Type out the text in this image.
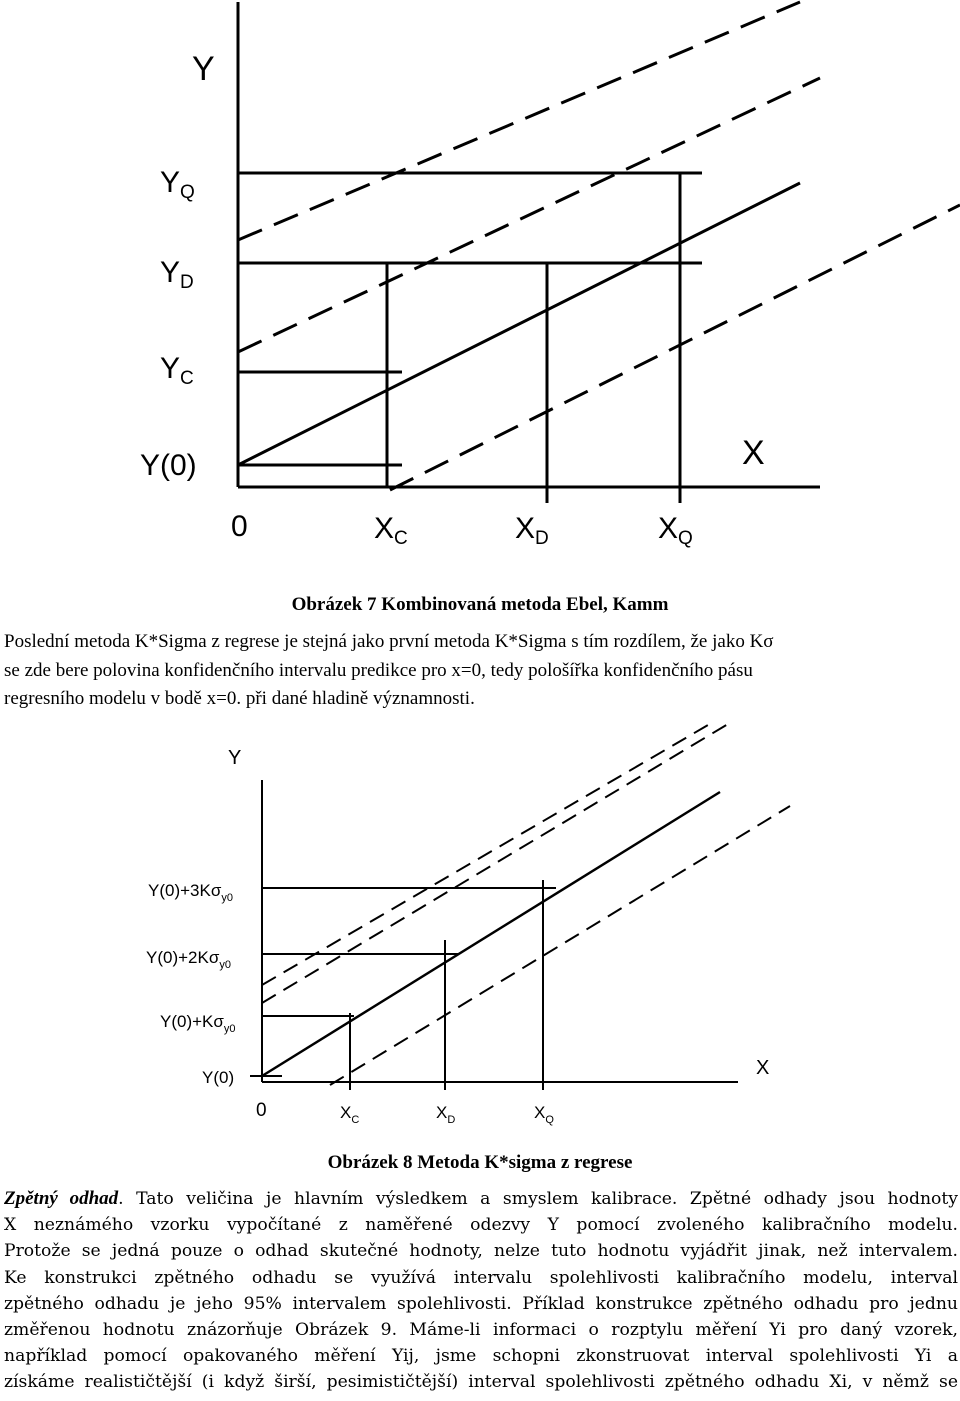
Y
X
0
$Y_Q$
$Y_D$
$Y_C$
Y(0)
$X_C$	$X_D$	$X_Q$
Obrázek 7 Kombinovaná metoda Ebel, Kamm
Poslední metoda K*Sigma z regrese je stejná jako první metoda K*Sigma s tím rozdílem, že jako Kσ
se zde bere polovina konfidenčního intervalu predikce pro x=0, tedy pološířka konfidenčního pásu
regresního modelu v bodě x=0. při dané hladině významnosti.
Y
X
0
$Y(0)+3K\sigma_{y0}$
$Y(0)+2K\sigma_{y0}$
$Y(0)+K\sigma_{y0}$
Y(0)
$X_C$	$X_D$	$X_Q$
Obrázek 8 Metoda K*sigma z regrese
Zpětný odhad. Tato veličina je hlavním výsledkem a smyslem kalibrace. Zpětné odhady jsou hodnoty
X neznámého vzorku vypočítané z naměřené odezvy Y pomocí zvoleného kalibračního modelu.
Protože se jedná pouze o odhad skutečné hodnoty, nelze tuto hodnotu vyjádřit jinak, než intervalem.
Ke konstrukci zpětného odhadu se využívá intervalu spolehlivosti kalibračního modelu, interval
zpětného odhadu je jeho 95% intervalem spolehlivosti. Příklad konstrukce zpětného odhadu pro jednu
změřenou hodnotu znázorňuje Obrázek 9. Máme-li informaci o rozptylu měření Yi pro daný vzorek,
například pomocí opakovaného měření Yij, jsme schopni zkonstruovat interval spolehlivosti Yi a
získáme realističtější (i když širší, pesimističtější) interval spolehlivosti zpětného odhadu Xi, v němž se
